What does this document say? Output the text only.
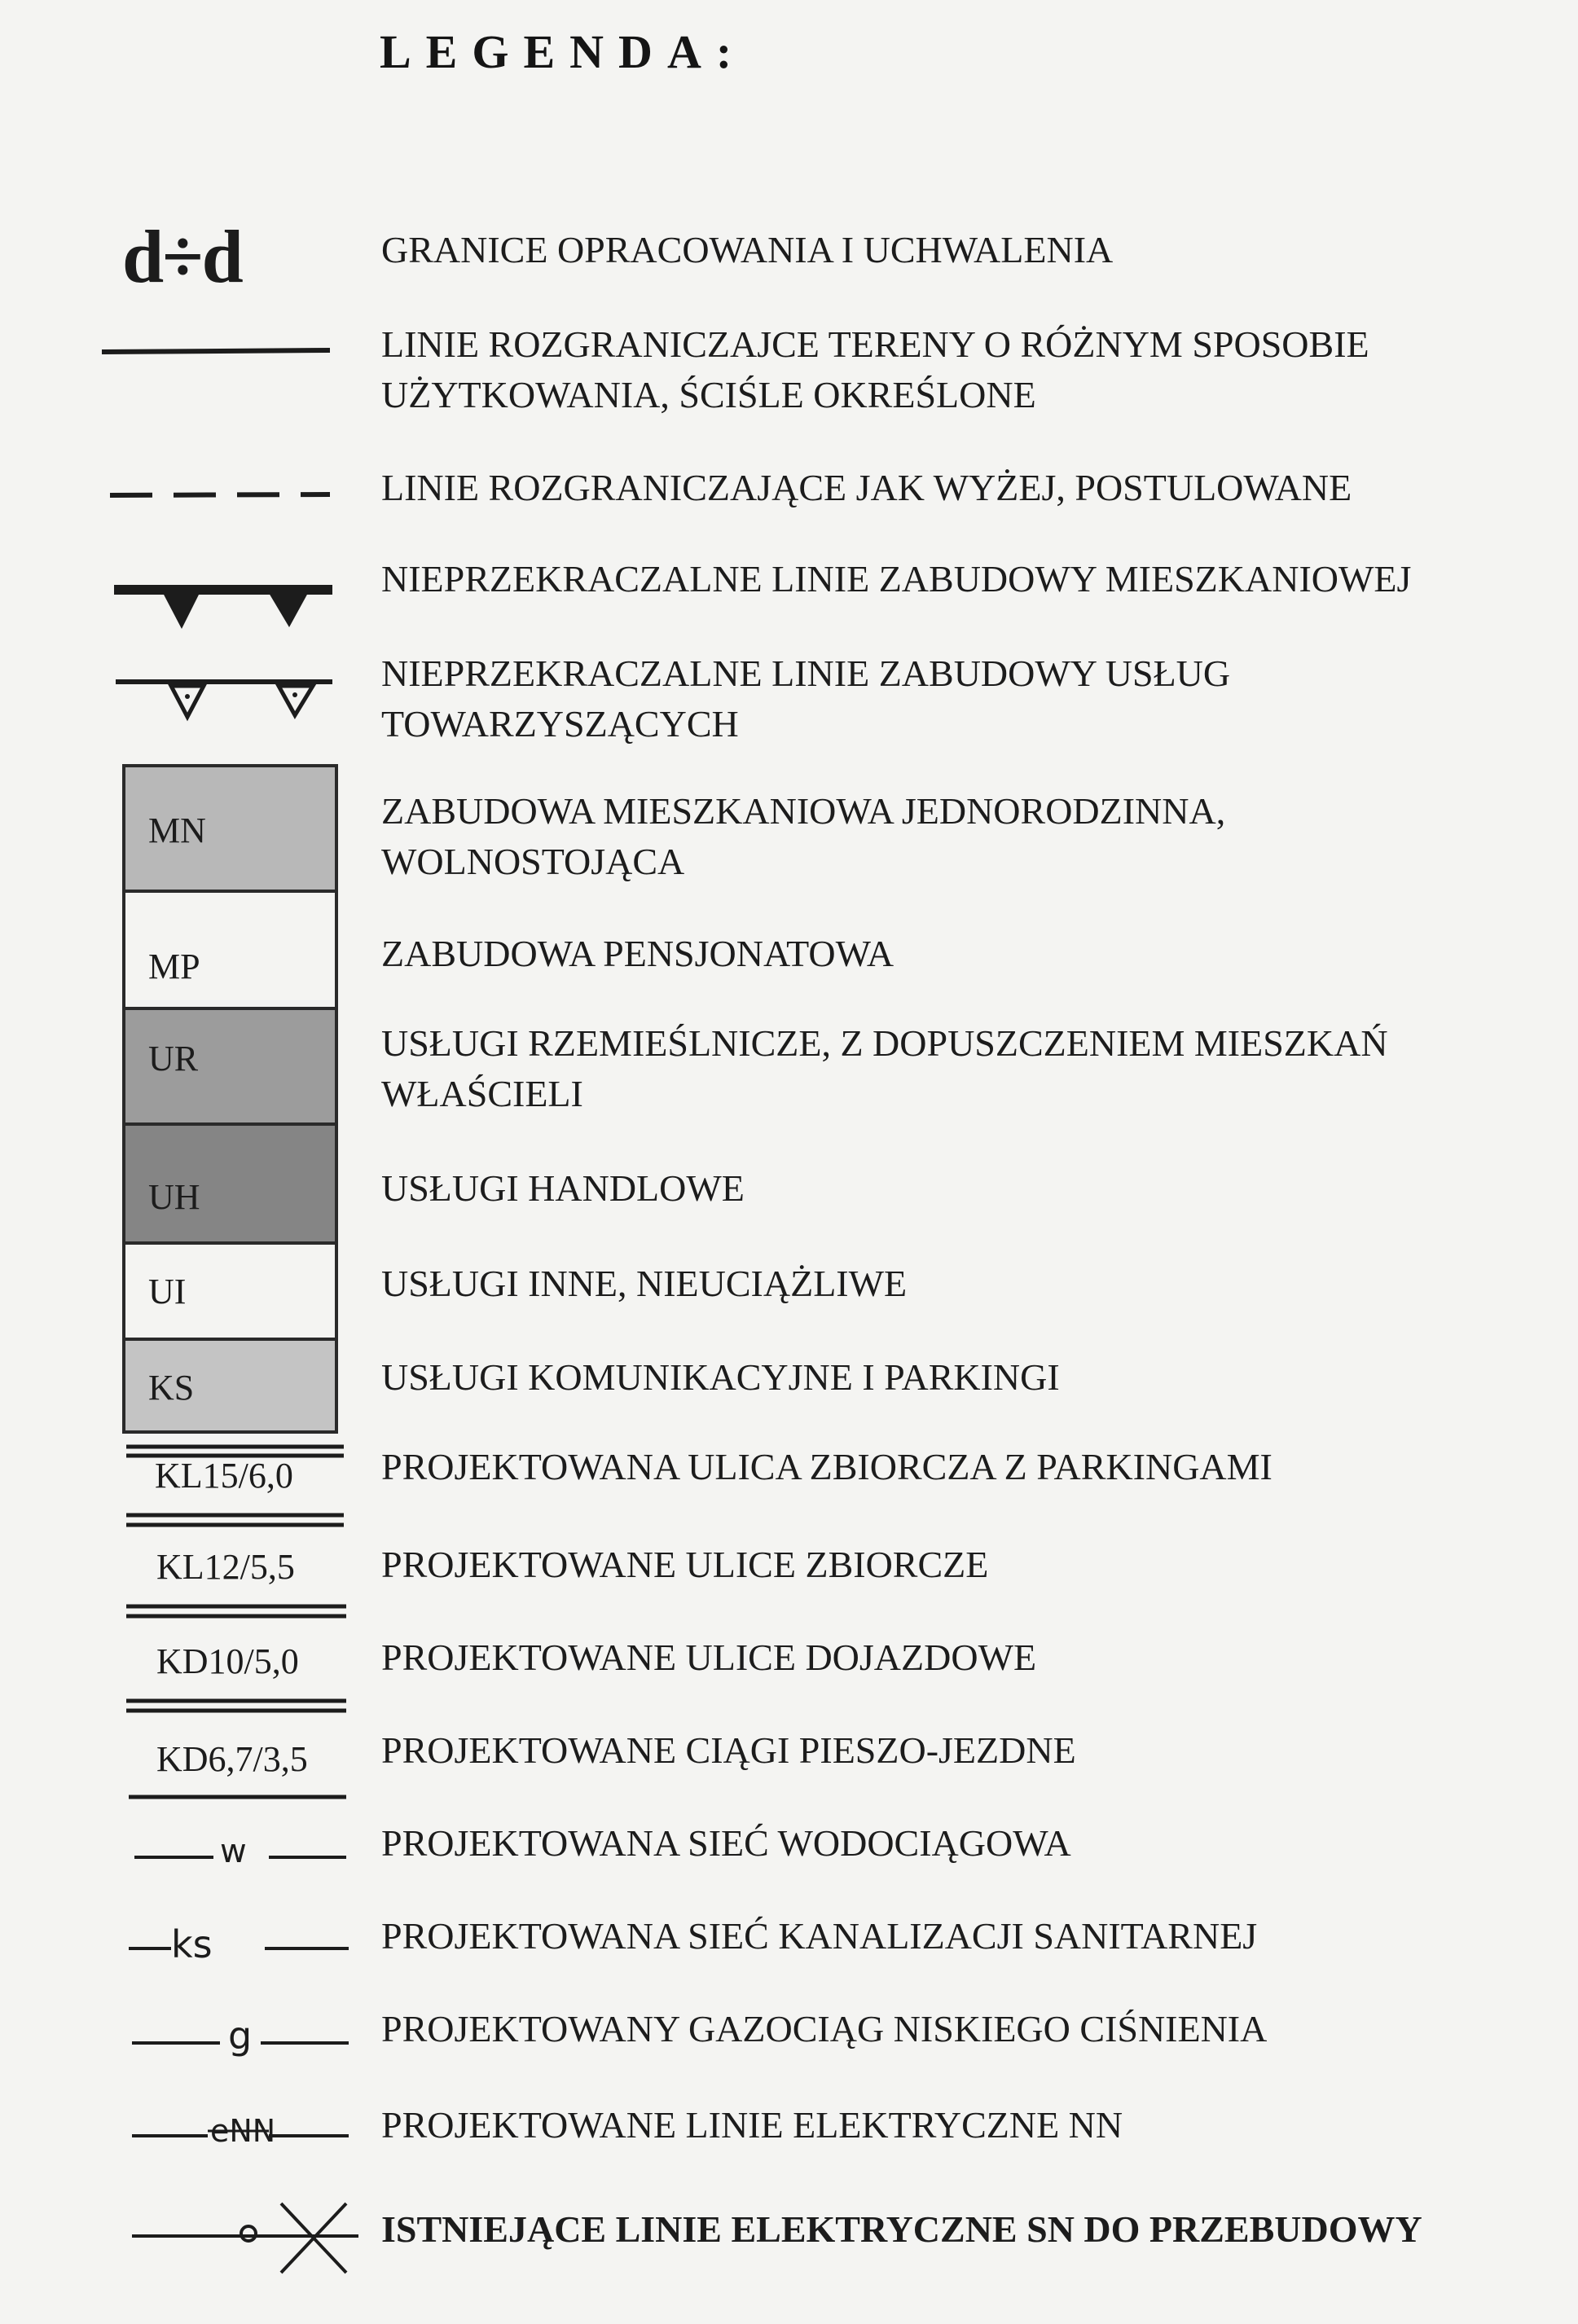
LEGENDA:
d÷d	GRANICE OPRACOWANIA I UCHWALENIA
LINIE ROZGRANICZAJCE TERENY O RÓŻNYM SPOSOBIE
UŻYTKOWANIA, ŚCIŚLE OKREŚLONE
LINIE ROZGRANICZAJĄCE JAK WYŻEJ, POSTULOWANE
NIEPRZEKRACZALNE LINIE ZABUDOWY MIESZKANIOWEJ
NIEPRZEKRACZALNE LINIE ZABUDOWY USŁUG
TOWARZYSZĄCYCH
MN	ZABUDOWA MIESZKANIOWA JEDNORODZINNA,
WOLNOSTOJĄCA
MP	ZABUDOWA PENSJONATOWA
UR	USŁUGI RZEMIEŚLNICZE, Z DOPUSZCZENIEM MIESZKAŃ
WŁAŚCIELI
UH	USŁUGI HANDLOWE
UI	USŁUGI INNE, NIEUCIĄŻLIWE
KS	USŁUGI KOMUNIKACYJNE I PARKINGI
KL15/6,0 PROJEKTOWANA ULICA ZBIORCZA Z PARKINGAMI
KL12/5,5 PROJEKTOWANE ULICE ZBIORCZE
KD10/5,0 PROJEKTOWANE ULICE DOJAZDOWE
KD6,7/3,5 PROJEKTOWANE CIĄGI PIESZO-JEZDNE
w	PROJEKTOWANA SIEĆ WODOCIĄGOWA
ks	PROJEKTOWANA SIEĆ KANALIZACJI SANITARNEJ
g	PROJEKTOWANY GAZOCIĄG NISKIEGO CIŚNIENIA
eNN	PROJEKTOWANE LINIE ELEKTRYCZNE NN
ISTNIEJĄCE LINIE ELEKTRYCZNE SN DO PRZEBUDOWY
